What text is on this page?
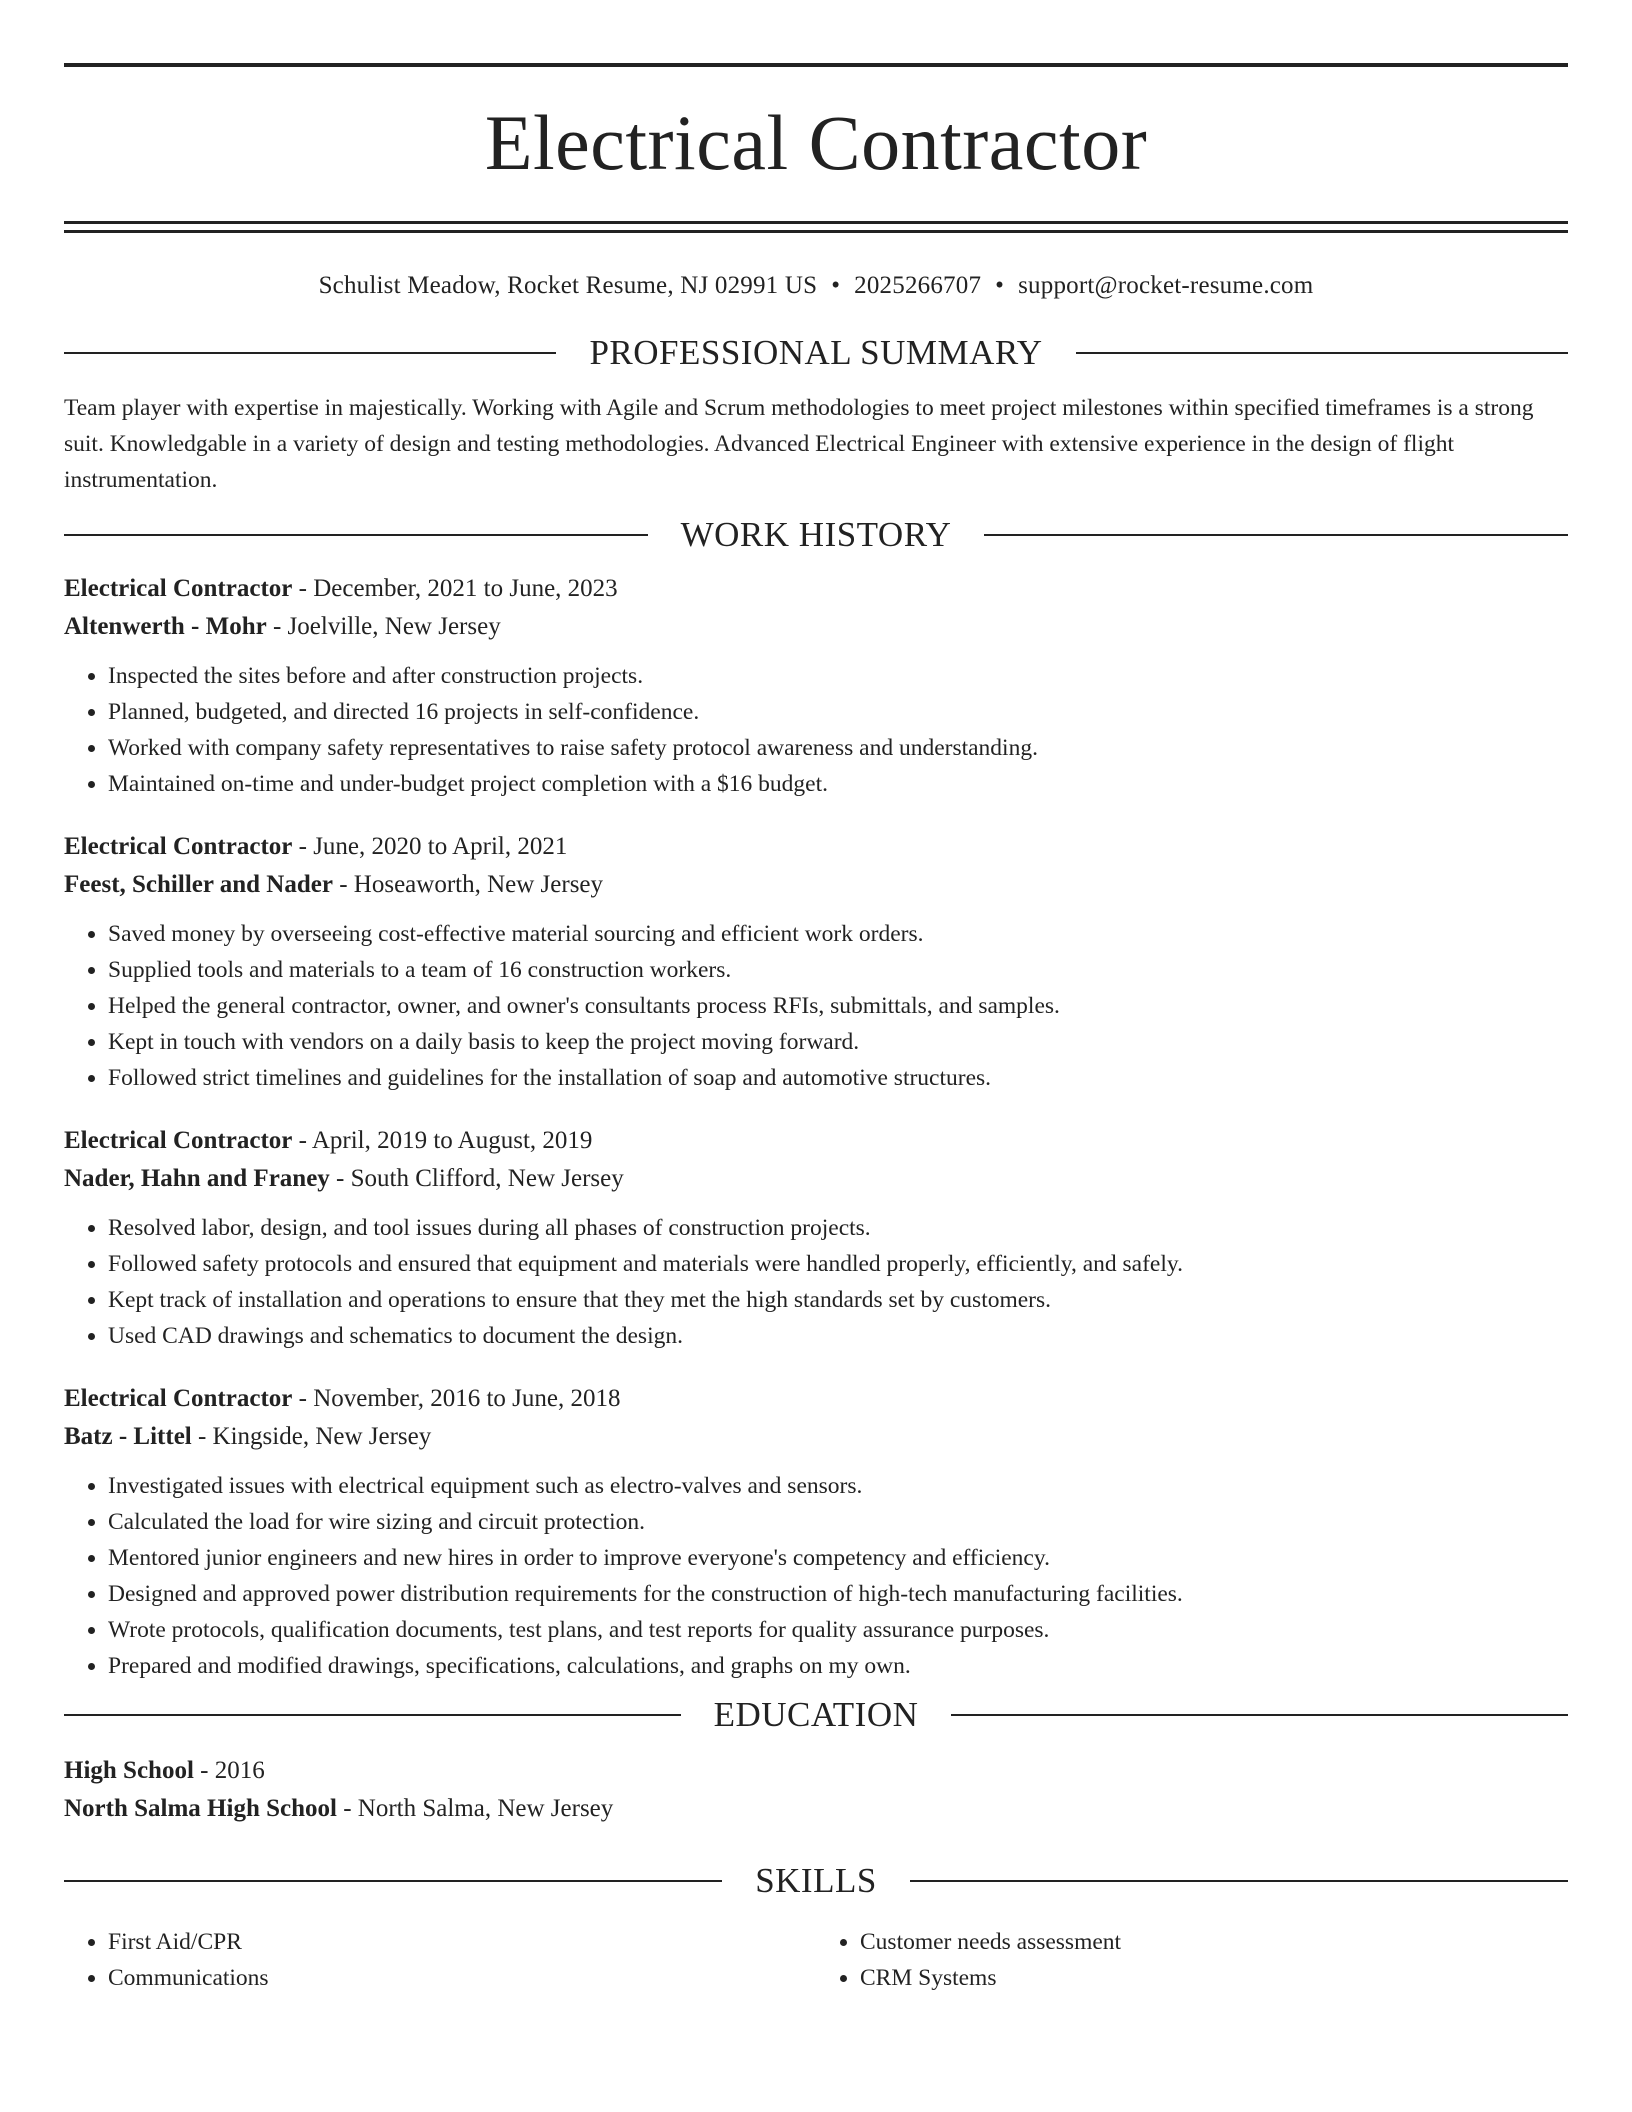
Electrical Contractor
Schulist Meadow, Rocket Resume, NJ 02991 US • 2025266707 • support@rocket-resume.com
PROFESSIONAL SUMMARY

Team player with expertise in majestically. Working with Agile and Scrum methodologies to meet project milestones within specified timeframes is a strong suit. Knowledgable in a variety of design and testing methodologies. Advanced Electrical Engineer with extensive experience in the design of flight instrumentation.

WORK HISTORY

Electrical Contractor - December, 2021 to June, 2023

Altenwerth - Mohr - Joelville, New Jersey

• Inspected the sites before and after construction projects.
• Planned, budgeted, and directed 16 projects in self-confidence.
• Worked with company safety representatives to raise safety protocol awareness and understanding.
• Maintained on-time and under-budget project completion with a $16 budget.

Electrical Contractor - June, 2020 to April, 2021

Feest, Schiller and Nader - Hoseaworth, New Jersey

• Saved money by overseeing cost-effective material sourcing and efficient work orders.
• Supplied tools and materials to a team of 16 construction workers.
• Helped the general contractor, owner, and owner's consultants process RFIs, submittals, and samples.
• Kept in touch with vendors on a daily basis to keep the project moving forward.
• Followed strict timelines and guidelines for the installation of soap and automotive structures.

Electrical Contractor - April, 2019 to August, 2019

Nader, Hahn and Franey - South Clifford, New Jersey

• Resolved labor, design, and tool issues during all phases of construction projects.
• Followed safety protocols and ensured that equipment and materials were handled properly, efficiently, and safely.
• Kept track of installation and operations to ensure that they met the high standards set by customers.
• Used CAD drawings and schematics to document the design.

Electrical Contractor - November, 2016 to June, 2018

Batz - Littel - Kingside, New Jersey

• Investigated issues with electrical equipment such as electro-valves and sensors.
• Calculated the load for wire sizing and circuit protection.
• Mentored junior engineers and new hires in order to improve everyone's competency and efficiency.
• Designed and approved power distribution requirements for the construction of high-tech manufacturing facilities.
• Wrote protocols, qualification documents, test plans, and test reports for quality assurance purposes.
• Prepared and modified drawings, specifications, calculations, and graphs on my own.
EDUCATION

High School - 2016

North Salma High School - North Salma, New Jersey

SKILLS
• First Aid/CPR
• Communications
• Customer needs assessment
• CRM Systems
